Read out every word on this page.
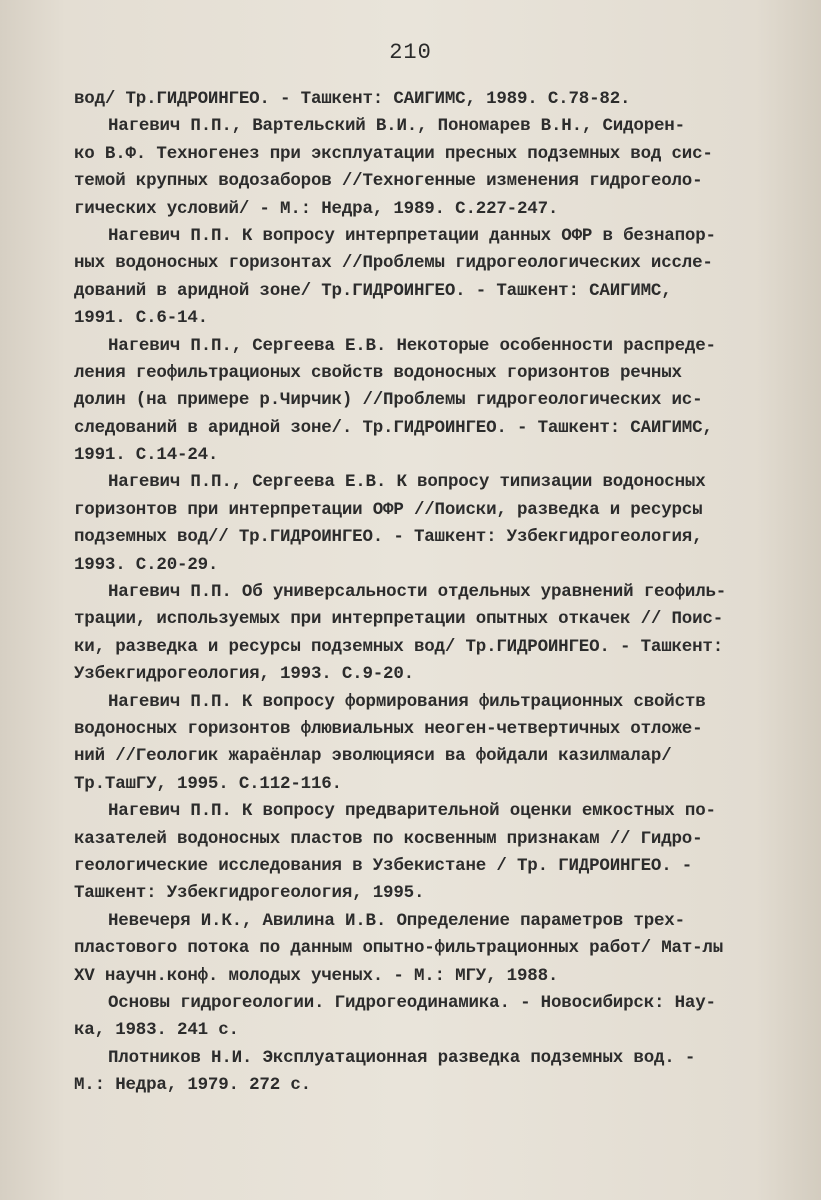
210
вод/ Тр.ГИДРОИНГЕО. - Ташкент: САИГИМС, 1989. С.78-82.
Нагевич П.П., Вартельский В.И., Пономарев В.Н., Сидорен-
ко В.Ф. Техногенез при эксплуатации пресных подземных вод сис-
темой крупных водозаборов //Техногенные изменения гидрогеоло-
гических условий/ - М.: Недра, 1989. С.227-247.
Нагевич П.П. К вопросу интерпретации данных ОФР в безнапор-
ных водоносных горизонтах //Проблемы гидрогеологических иссле-
дований в аридной зоне/ Тр.ГИДРОИНГЕО. - Ташкент: САИГИМС,
1991. С.6-14.
Нагевич П.П., Сергеева Е.В. Некоторые особенности распреде-
ления геофильтрационых свойств водоносных горизонтов речных
долин (на примере р.Чирчик) //Проблемы гидрогеологических ис-
следований в аридной зоне/. Тр.ГИДРОИНГЕО. - Ташкент: САИГИМС,
1991. С.14-24.
Нагевич П.П., Сергеева Е.В. К вопросу типизации водоносных
горизонтов при интерпретации ОФР //Поиски, разведка и ресурсы
подземных вод// Тр.ГИДРОИНГЕО. - Ташкент: Узбекгидрогеология,
1993. С.20-29.
Нагевич П.П. Об универсальности отдельных уравнений геофиль-
трации, используемых при интерпретации опытных откачек // Поис-
ки, разведка и ресурсы подземных вод/ Тр.ГИДРОИНГЕО. - Ташкент:
Узбекгидрогеология, 1993. С.9-20.
Нагевич П.П. К вопросу формирования фильтрационных свойств
водоносных горизонтов флювиальных неоген-четвертичных отложе-
ний //Геологик жараёнлар эволюцияси ва фойдали казилмалар/
Тр.ТашГУ, 1995. С.112-116.
Нагевич П.П. К вопросу предварительной оценки емкостных по-
казателей водоносных пластов по косвенным признакам // Гидро-
геологические исследования в Узбекистане / Тр. ГИДРОИНГЕО. -
Ташкент: Узбекгидрогеология, 1995.
Невечеря И.К., Авилина И.В. Определение параметров трех-
пластового потока по данным опытно-фильтрационных работ/ Мат-лы
XV научн.конф. молодых ученых. - М.: МГУ, 1988.
Основы гидрогеологии. Гидрогеодинамика. - Новосибирск: Нау-
ка, 1983. 241 с.
Плотников Н.И. Эксплуатационная разведка подземных вод. -
М.: Недра, 1979. 272 с.
